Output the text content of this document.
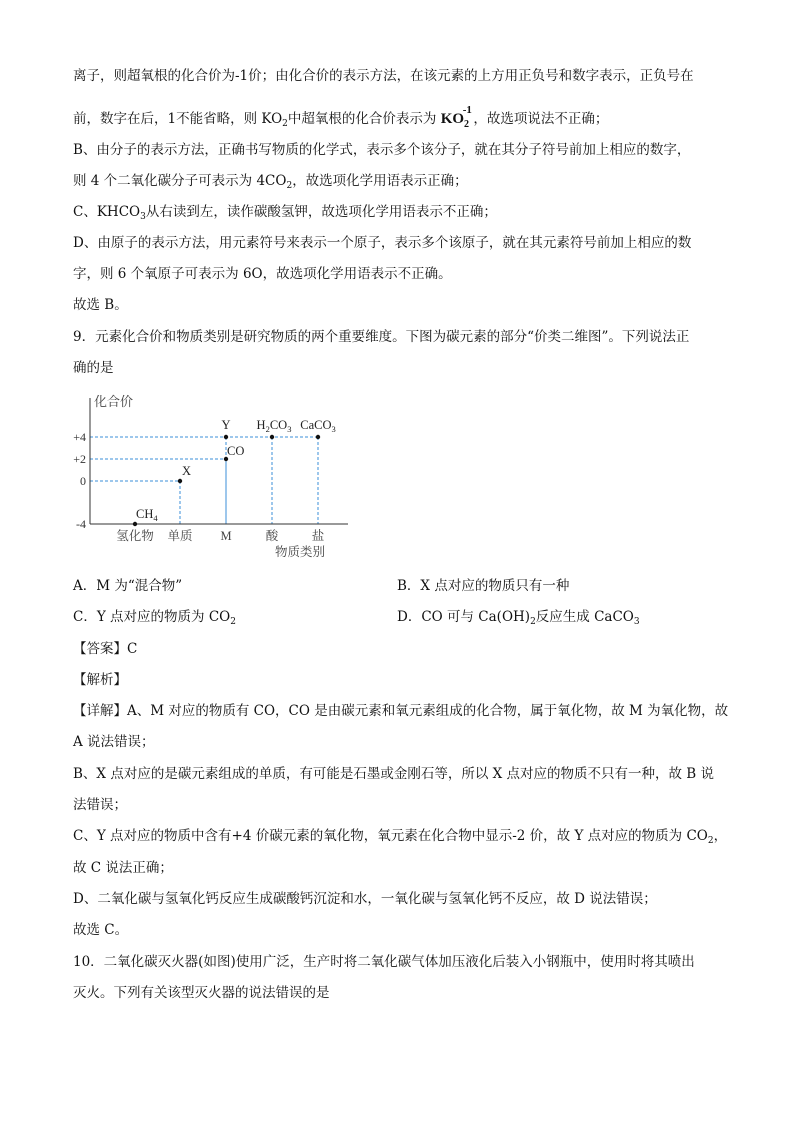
离子，则超氧根的化合价为-1价；由化合价的表示方法，在该元素的上方用正负号和数字表示，正负号在
前，数字在后，1不能省略，则 $KO_2$中超氧根的化合价表示为 KO
-1
$_2$ ，故选项说法不正确；
B、由分子的表示方法，正确书写物质的化学式，表示多个该分子，就在其分子符号前加上相应的数字，
则 4 个二氧化碳分子可表示为 $4CO_2$，故选项化学用语表示正确；
C、$KHCO_3$从右读到左，读作碳酸氢钾，故选项化学用语表示不正确；
D、由原子的表示方法，用元素符号来表示一个原子，表示多个该原子，就在其元素符号前加上相应的数
字，则 6 个氧原子可表示为 6O，故选项化学用语表示不正确。
故选 B。
9．元素化合价和物质类别是研究物质的两个重要维度。下图为碳元素的部分“价类二维图”。下列说法正
确的是
化合价
+4
+2
0
-4
氢化物 单质 M	酸	盐
物质类别
$CH_4$
X
CO
Y $H_2CO_3$ CaCO$_3$
A．M 为“混合物”	B．X 点对应的物质只有一种
C．Y 点对应的物质为 $CO_2$	D．CO 可与 $Ca(OH)_2$反应生成 CaCO$_3$
【答案】C
【解析】
【详解】A、M 对应的物质有 CO，CO 是由碳元素和氧元素组成的化合物，属于氧化物，故 M 为氧化物，故
A 说法错误；
B、X 点对应的是碳元素组成的单质，有可能是石墨或金刚石等，所以 X 点对应的物质不只有一种，故 B 说
法错误；
C、Y 点对应的物质中含有+4 价碳元素的氧化物，氧元素在化合物中显示-2 价，故 Y 点对应的物质为 $CO_2$，
故 C 说法正确；
D、二氧化碳与氢氧化钙反应生成碳酸钙沉淀和水，一氧化碳与氢氧化钙不反应，故 D 说法错误；
故选 C。
10．二氧化碳灭火器(如图)使用广泛，生产时将二氧化碳气体加压液化后装入小钢瓶中，使用时将其喷出
灭火。下列有关该型灭火器的说法错误的是
